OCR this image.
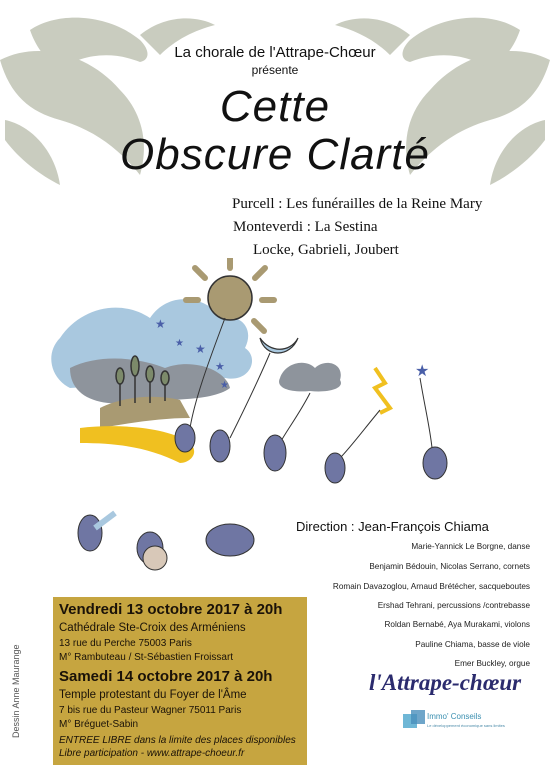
La chorale de l'Attrape-Chœur
présente
Cette
Obscure Clarté
Purcell : Les funérailles de la Reine Mary
Monteverdi : La Sestina
Locke, Gabrieli, Joubert
★
★ ★
★
★
★
Direction : Jean-François Chiama
Marie-Yannick Le Borgne, danse
Benjamin Bédouin, Nicolas Serrano, cornets
Romain Davazoglou, Arnaud Brétécher, sacqueboutes
Ershad Tehrani, percussions /contrebasse
Roldan Bernabé, Aya Murakami, violons
Pauline Chiama, basse de viole
Emer Buckley, orgue
Dessin Anne Maurange
Vendredi 13 octobre 2017 à 20h
Cathédrale Ste-Croix des Arméniens
13 rue du Perche 75003 Paris
M° Rambuteau / St-Sébastien Froissart
Samedi 14 octobre 2017 à 20h
Temple protestant du Foyer de l'Âme
7 bis rue du Pasteur Wagner 75011 Paris
M° Bréguet-Sabin
ENTREE LIBRE dans la limite des places disponibles
Libre participation - www.attrape-choeur.fr
l'Attrape-chœur
Immo' Conseils
Le développement économique sans limites
